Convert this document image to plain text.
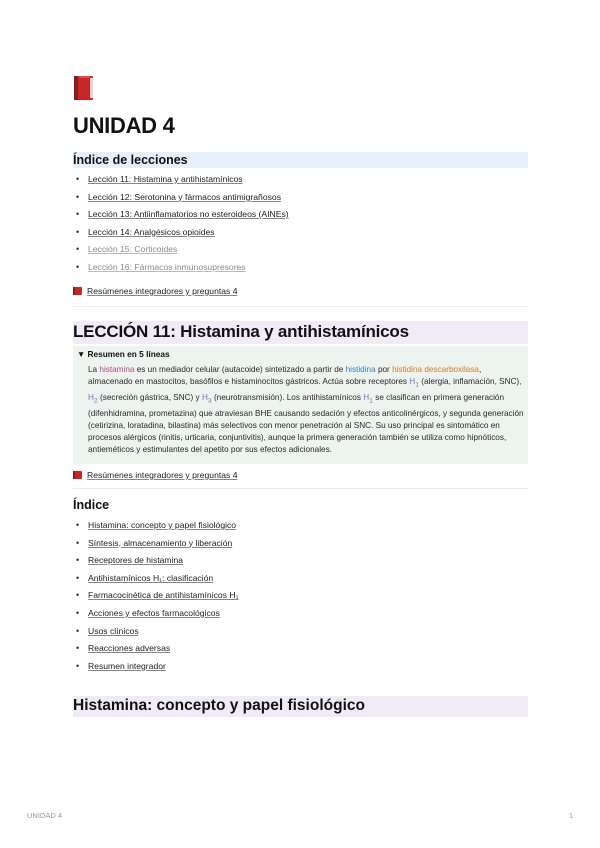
UNIDAD 4
Índice de lecciones
• Lección 11: Histamina y antihistamínicos
• Lección 12: Serotonina y fármacos antimigrañosos
• Lección 13: Antiinflamatorios no esteroideos (AINEs)
• Lección 14: Analgésicos opioides
• Lección 15: Corticoides
• Lección 16: Fármacos inmunosupresores
Resúmenes integradores y preguntas 4
LECCIÓN 11: Histamina y antihistamínicos
▼ Resumen en 5 líneas
La histamina es un mediador celular (autacoide) sintetizado a partir de histidina por histidina descarboxilasa, almacenado en mastocitos, basófilos e histaminocitos gástricos. Actúa sobre receptores $H_1$ (alergia, inflamación, SNC), $H_2$ (secreción gástrica, SNC) y $H_3$ (neurotransmisión). Los antihistamínicos $H_1$ se clasifican en primera generación (difenhidramina, prometazina) que atraviesan BHE causando sedación y efectos anticolinérgicos, y segunda generación (cetirizina, loratadina, bilastina) más selectivos con menor penetración al SNC. Su uso principal es sintomático en procesos alérgicos (rinitis, urticaria, conjuntivitis), aunque la primera generación también se utiliza como hipnóticos, antieméticos y estimulantes del apetito por sus efectos adicionales.
Resúmenes integradores y preguntas 4
Índice
• Histamina: concepto y papel fisiológico
• Síntesis, almacenamiento y liberación
• Receptores de histamina
• Antihistamínicos H₁: clasificación
• Farmacocinética de antihistamínicos H₁
• Acciones y efectos farmacológicos
• Usos clínicos
• Reacciones adversas
• Resumen integrador
Histamina: concepto y papel fisiológico
UNIDAD 4	1
